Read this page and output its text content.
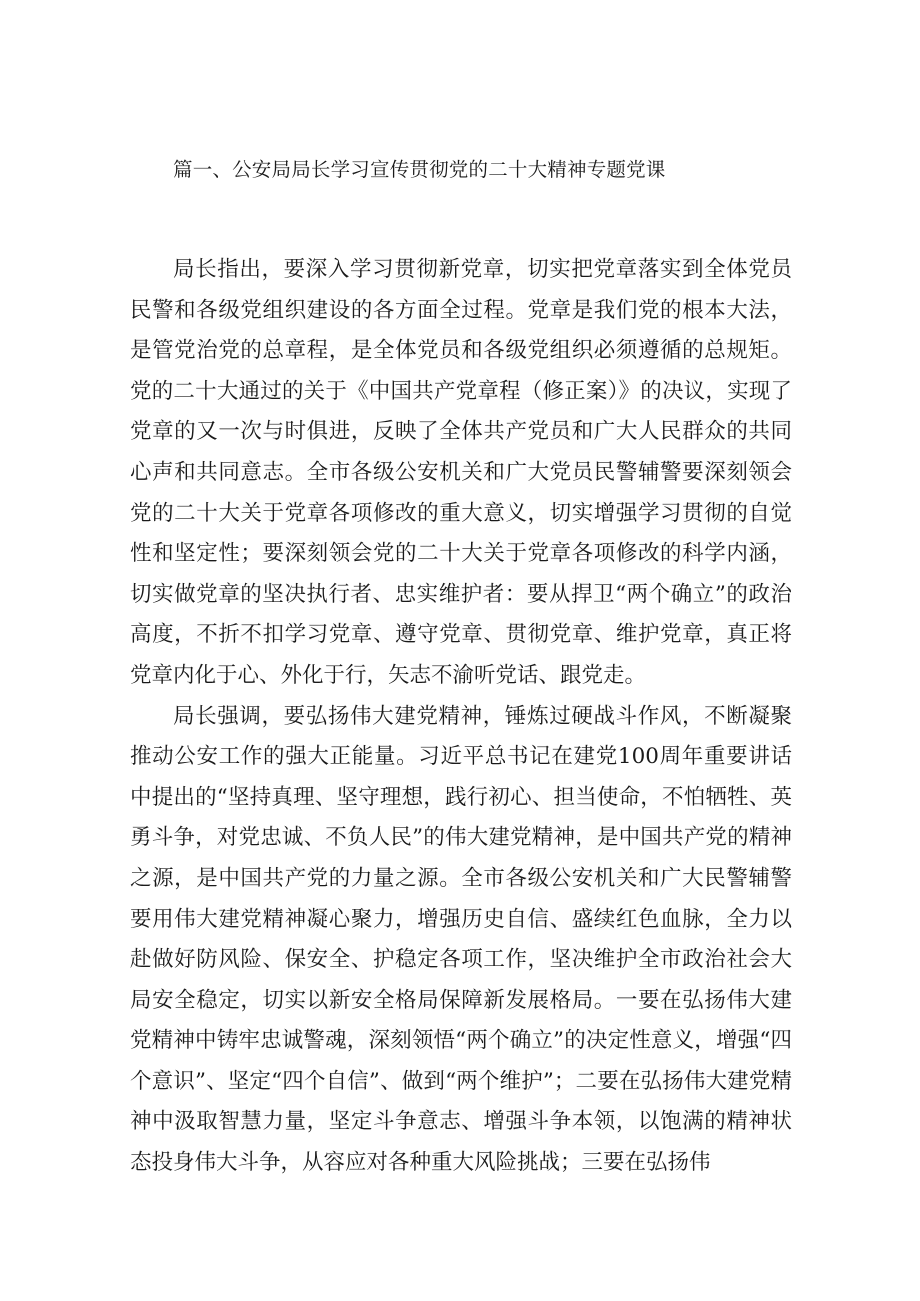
篇一、公安局局长学习宣传贯彻党的二十大精神专题党课

局长指出，要深入学习贯彻新党章，切实把党章落实到全体党员民警和各级党组织建设的各方面全过程。党章是我们党的根本大法，是管党治党的总章程，是全体党员和各级党组织必须遵循的总规矩。党的二十大通过的关于《中国共产党章程（修正案）》的决议，实现了党章的又一次与时俱进，反映了全体共产党员和广大人民群众的共同心声和共同意志。全市各级公安机关和广大党员民警辅警要深刻领会党的二十大关于党章各项修改的重大意义，切实增强学习贯彻的自觉性和坚定性；要深刻领会党的二十大关于党章各项修改的科学内涵，切实做党章的坚决执行者、忠实维护者：要从捍卫“两个确立”的政治高度，不折不扣学习党章、遵守党章、贯彻党章、维护党章，真正将党章内化于心、外化于行，矢志不渝听党话、跟党走。

局长强调，要弘扬伟大建党精神，锤炼过硬战斗作风，不断凝聚推动公安工作的强大正能量。习近平总书记在建党100周年重要讲话中提出的“坚持真理、坚守理想，践行初心、担当使命，不怕牺牲、英勇斗争，对党忠诚、不负人民”的伟大建党精神，是中国共产党的精神之源，是中国共产党的力量之源。全市各级公安机关和广大民警辅警要用伟大建党精神凝心聚力，增强历史自信、盛续红色血脉，全力以赴做好防风险、保安全、护稳定各项工作，坚决维护全市政治社会大局安全稳定，切实以新安全格局保障新发展格局。一要在弘扬伟大建党精神中铸牢忠诚警魂，深刻领悟“两个确立”的决定性意义，增强“四个意识”、坚定“四个自信”、做到“两个维护”；二要在弘扬伟大建党精神中汲取智慧力量，坚定斗争意志、增强斗争本领，以饱满的精神状态投身伟大斗争，从容应对各种重大风险挑战；三要在弘扬伟
